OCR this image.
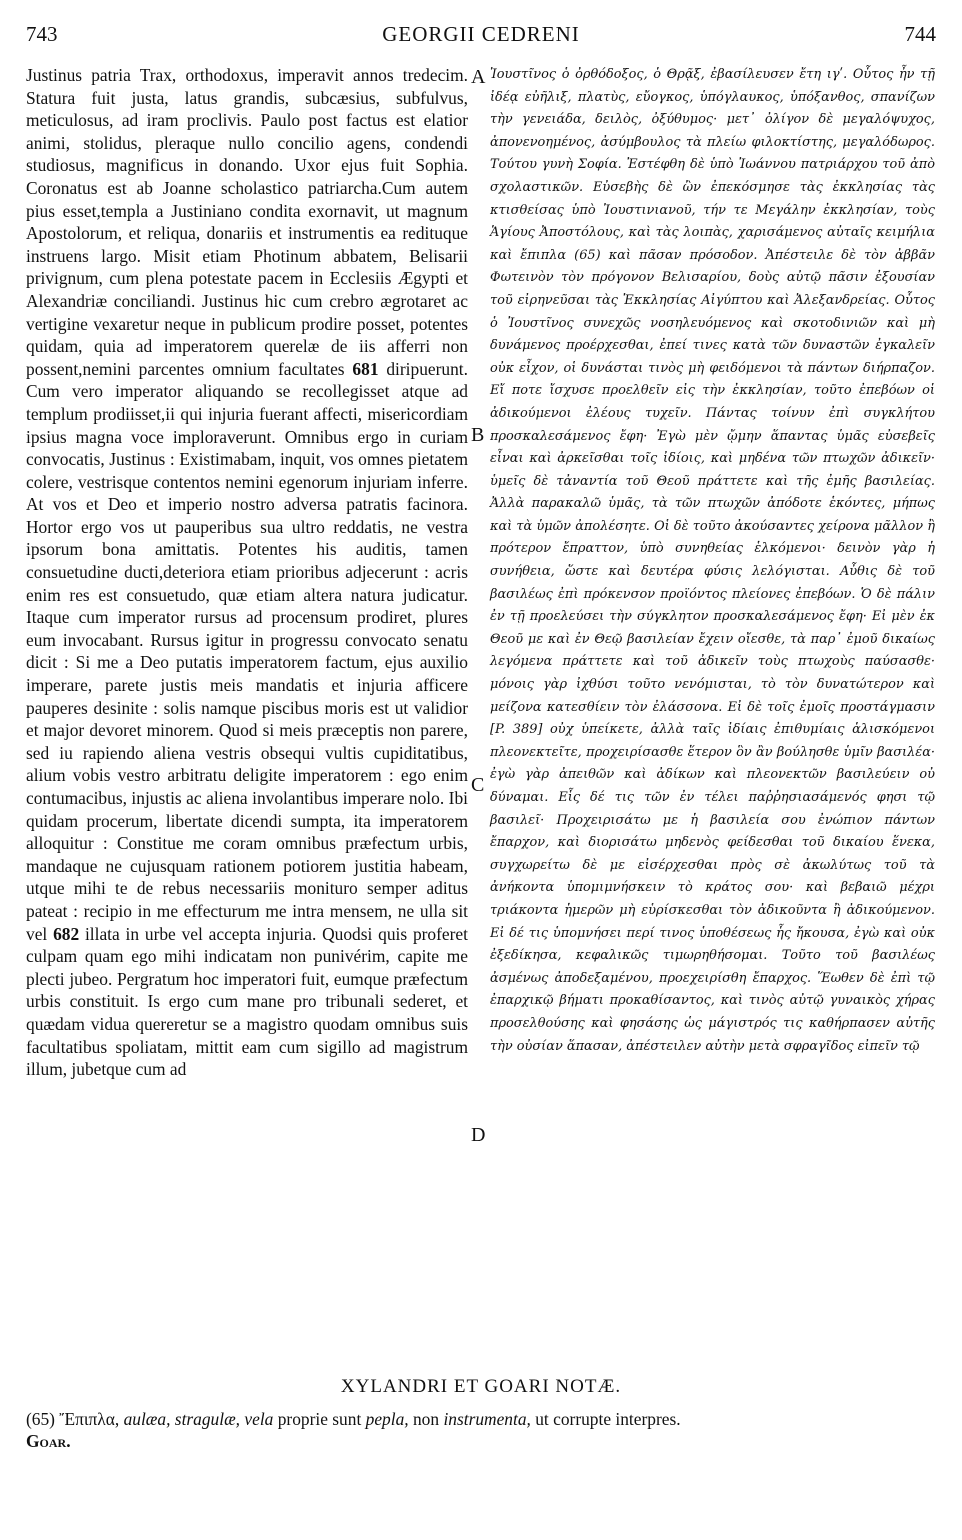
743	GEORGII CEDRENI	744
Justinus patria Trax, orthodoxus, imperavit annos tredecim. Statura fuit justa, latus grandis, subcæsius, subfulvus, meticulosus, ad iram proclivis. Paulo post factus est elatior animi, stolidus, pleraque nullo concilio agens, condendi studiosus, magnificus in donando. Uxor ejus fuit Sophia. Coronatus est ab Joanne scholastico patriarcha.Cum autem pius esset,templa a Justiniano condita exornavit, ut magnum Apostolorum, et reliqua, donariis et instrumentis ea redituque instruens largo. Misit etiam Photinum abbatem, Belisarii privignum, cum plena potestate pacem in Ecclesiis Ægypti et Alexandriæ conciliandi. Justinus hic cum crebro ægrotaret ac vertigine vexaretur neque in publicum prodire posset, potentes quidam, quia ad imperatorem querelæ de iis afferri non possent,nemini parcentes omnium facultates 681 diripuerunt. Cum vero imperator aliquando se recollegisset atque ad templum prodiisset,ii qui injuria fuerant affecti, misericordiam ipsius magna voce imploraverunt. Omnibus ergo in curiam convocatis, Justinus : Existimabam, inquit, vos omnes pietatem colere, vestrisque contentos nemini egenorum injuriam inferre. At vos et Deo et imperio nostro adversa patratis facinora. Hortor ergo vos ut pauperibus sua ultro reddatis, ne vestra ipsorum bona amittatis. Potentes his auditis, tamen consuetudine ducti,deteriora etiam prioribus adjecerunt : acris enim res est consuetudo, quæ etiam altera natura judicatur. Itaque cum imperator rursus ad procensum prodiret, plures eum invocabant. Rursus igitur in progressu convocato senatu dicit : Si me a Deo putatis imperatorem factum, ejus auxilio imperare, parete justis meis mandatis et injuria afficere pauperes desinite : solis namque piscibus moris est ut validior et major devoret minorem. Quod si meis præceptis non parere, sed iu rapiendo aliena vestris obsequi vultis cupiditatibus, alium vobis vestro arbitratu deligite imperatorem : ego enim contumacibus, injustis ac aliena involantibus imperare nolo. Ibi quidam procerum, libertate dicendi sumpta, ita imperatorem alloquitur : Constitue me coram omnibus præfectum urbis, mandaque ne cujusquam rationem potiorem justitia habeam, utque mihi te de rebus necessariis monituro semper aditus pateat : recipio in me effecturum me intra mensem, ne ulla sit vel 682 illata in urbe vel accepta injuria. Quodsi quis proferet culpam quam ego mihi indicatam non punivérim, capite me plecti jubeo. Pergratum hoc imperatori fuit, eumque præfectum urbis constituit. Is ergo cum mane pro tribunali sederet, et quædam vidua quereretur se a magistro quodam omnibus suis facultatibus spoliatam, mittit eam cum sigillo ad magistrum illum, jubetque cum ad
A
B
C
D
Ἰουστῖνος ὁ ὀρθόδοξος, ὁ Θρᾷξ, ἐβασίλευσεν ἔτη ιγʹ. Οὗτος ἦν τῇ ἰδέᾳ εὐῆλιξ, πλατὺς, εὔογκος, ὑπόγλαυκος, ὑπόξανθος, σπανίζων τὴν γενειάδα, δειλὸς, ὀξύθυμος· μετ᾽ ὀλίγον δὲ μεγαλόψυχος, ἀπονενοημένος, ἀσύμβουλος τὰ πλείω φιλοκτίστης, μεγαλόδωρος. Τούτου γυνὴ Σοφία. Ἐστέφθη δὲ ὑπὸ Ἰωάννου πατριάρχου τοῦ ἀπὸ σχολαστικῶν. Εὐσεβὴς δὲ ὢν ἐπεκόσμησε τὰς ἐκκλησίας τὰς κτισθείσας ὑπὸ Ἰουστινιανοῦ, τήν τε Μεγάλην ἐκκλησίαν, τοὺς Ἁγίους Ἀποστόλους, καὶ τὰς λοιπὰς, χαρισάμενος αὐταῖς κειμήλια καὶ ἔπιπλα (65) καὶ πᾶσαν πρόσοδον. Ἀπέστειλε δὲ τὸν ἀββᾶν Φωτεινὸν τὸν πρόγονον Βελισαρίου, δοὺς αὐτῷ πᾶσιν ἐξουσίαν τοῦ εἰρηνεῦσαι τὰς Ἐκκλησίας Αἰγύπτου καὶ Ἀλεξανδρείας. Οὗτος ὁ Ἰουστῖνος συνεχῶς νοσηλευόμενος καὶ σκοτοδινιῶν καὶ μὴ δυνάμενος προέρχεσθαι, ἐπεί τινες κατὰ τῶν δυναστῶν ἐγκαλεῖν οὐκ εἶχον, οἱ δυνάσται τινὸς μὴ φειδόμενοι τὰ πάντων διήρπαζον. Εἴ ποτε ἴσχυσε προελθεῖν εἰς τὴν ἐκκλησίαν, τοῦτο ἐπεβόων οἱ ἀδικούμενοι ἐλέους τυχεῖν. Πάντας τοίνυν ἐπὶ συγκλήτου προσκαλεσάμενος ἔφη· Ἐγὼ μὲν ᾤμην ἅπαντας ὑμᾶς εὐσεβεῖς εἶναι καὶ ἀρκεῖσθαι τοῖς ἰδίοις, καὶ μηδένα τῶν πτωχῶν ἀδικεῖν· ὑμεῖς δὲ τἀναντία τοῦ Θεοῦ πράττετε καὶ τῆς ἐμῆς βασιλείας. Ἀλλὰ παρακαλῶ ὑμᾶς, τὰ τῶν πτωχῶν ἀπόδοτε ἑκόντες, μήπως καὶ τὰ ὑμῶν ἀπολέσητε. Οἱ δὲ τοῦτο ἀκούσαντες χείρονα μᾶλλον ἢ πρότερον ἔπραττον, ὑπὸ συνηθείας ἑλκόμενοι· δεινὸν γὰρ ἡ συνήθεια, ὥστε καὶ δευτέρα φύσις λελόγισται. Αὖθις δὲ τοῦ βασιλέως ἐπὶ πρόκενσον προϊόντος πλείονες ἐπεβόων. Ὁ δὲ πάλιν ἐν τῇ προελεύσει τὴν σύγκλητον προσκαλεσάμενος ἔφη· Εἰ μὲν ἐκ Θεοῦ με καὶ ἐν Θεῷ βασιλείαν ἔχειν οἴεσθε, τὰ παρ᾽ ἐμοῦ δικαίως λεγόμενα πράττετε καὶ τοῦ ἀδικεῖν τοὺς πτωχοὺς παύσασθε· μόνοις γὰρ ἰχθύσι τοῦτο νενόμισται, τὸ τὸν δυνατώτερον καὶ μείζονα κατεσθίειν τὸν ἐλάσσονα. Εἰ δὲ τοῖς ἐμοῖς προστάγμασιν [P. 389] οὐχ ὑπείκετε, ἀλλὰ ταῖς ἰδίαις ἐπιθυμίαις ἁλισκόμενοι πλεονεκτεῖτε, προχειρίσασθε ἕτερον ὃν ἂν βούλησθε ὑμῖν βασιλέα· ἐγὼ γὰρ ἀπειθῶν καὶ ἀδίκων καὶ πλεονεκτῶν βασιλεύειν οὐ δύναμαι. Εἷς δέ τις τῶν ἐν τέλει παῤῥησιασάμενός φησι τῷ βασιλεῖ· Προχειρισάτω με ἡ βασιλεία σου ἐνώπιον πάντων ἔπαρχον, καὶ διορισάτω μηδενὸς φείδεσθαι τοῦ δικαίου ἕνεκα, συγχωρείτω δὲ με εἰσέρχεσθαι πρὸς σὲ ἀκωλύτως τοῦ τὰ ἀνήκοντα ὑπομιμνήσκειν τὸ κράτος σου· καὶ βεβαιῶ μέχρι τριάκοντα ἡμερῶν μὴ εὑρίσκεσθαι τὸν ἀδικοῦντα ἢ ἀδικούμενον. Εἰ δέ τις ὑπομνήσει περί τινος ὑποθέσεως ἧς ἤκουσα, ἐγὼ καὶ οὐκ ἐξεδίκησα, κεφαλικῶς τιμωρηθήσομαι. Τοῦτο τοῦ βασιλέως ἀσμένως ἀποδεξαμένου, προεχειρίσθη ἔπαρχος. Ἕωθεν δὲ ἐπὶ τῷ ἐπαρχικῷ βήματι προκαθίσαντος, καὶ τινὸς αὐτῷ γυναικὸς χήρας προσελθούσης καὶ φησάσης ὡς μάγιστρός τις καθήρπασεν αὐτῆς τὴν οὐσίαν ἅπασαν, ἀπέστειλεν αὐτὴν μετὰ σφραγῖδος εἰπεῖν τῷ
XYLANDRI ET GOARI NOTÆ.
(65) Ἔπιπλα, aulæa, stragulæ, vela proprie sunt pepla, non instrumenta, ut corrupte interpres.
Goar.
